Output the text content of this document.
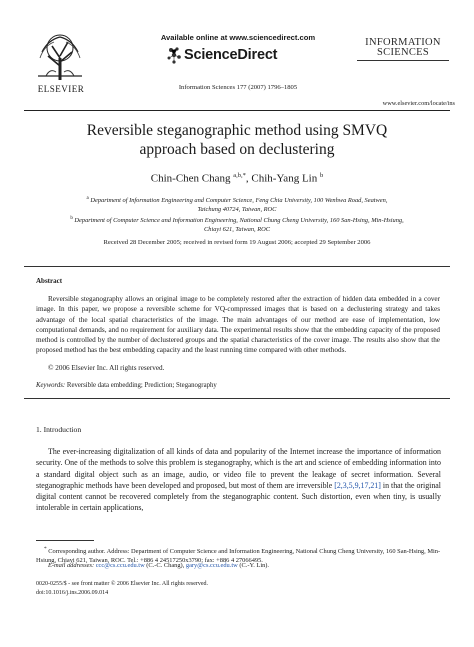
ELSEVIER
Available online at www.sciencedirect.com
ScienceDirect
Information Sciences 177 (2007) 1796–1805
INFORMATION
SCIENCES
www.elsevier.com/locate/ins
Reversible steganographic method using SMVQ
approach based on declustering
Chin-Chen Chang $^{a,b,*}$, Chih-Yang Lin $^b$
$^a$ Department of Information Engineering and Computer Science, Feng Chia University, 100 Wenhwa Road, Seatwen,
Taichung 40724, Taiwan, ROC
$^b$ Department of Computer Science and Information Engineering, National Chung Cheng University, 160 San-Hsing, Min-Hsiung,
Chiayi 621, Taiwan, ROC
Received 28 December 2005; received in revised form 19 August 2006; accepted 29 September 2006
Abstract
Reversible steganography allows an original image to be completely restored after the extraction of hidden data embedded in a cover image. In this paper, we propose a reversible scheme for VQ-compressed images that is based on a declustering strategy and takes advantage of the local spatial characteristics of the image. The main advantages of our method are ease of implementation, low computational demands, and no requirement for auxiliary data. The experimental results show that the embedding capacity of the proposed method is controlled by the number of declustered groups and the spatial characteristics of the cover image. The results also show that the proposed method has the best embedding capacity and the least running time compared with other methods.
© 2006 Elsevier Inc. All rights reserved.
Keywords: Reversible data embedding; Prediction; Steganography
1. Introduction
The ever-increasing digitalization of all kinds of data and popularity of the Internet increase the importance of information security. One of the methods to solve this problem is steganography, which is the art and science of embedding information into a standard digital object such as an image, audio, or video file to prevent the leakage of secret information. Several steganographic methods have been developed and proposed, but most of them are irreversible [2,3,5,9,17,21] in that the original digital content cannot be recovered completely from the steganographic content. Such distortion, even when tiny, is usually intolerable in certain applications,
* Corresponding author. Address: Department of Computer Science and Information Engineering, National Chung Cheng University, 160 San-Hsing, Min-Hsiung, Chiayi 621, Taiwan, ROC. Tel.: +886 4 24517250x3790; fax: +886 4 27066495.
E-mail addresses: ccc@cs.ccu.edu.tw (C.-C. Chang), gary@cs.ccu.edu.tw (C.-Y. Lin).
0020-0255/$ - see front matter © 2006 Elsevier Inc. All rights reserved.
doi:10.1016/j.ins.2006.09.014
